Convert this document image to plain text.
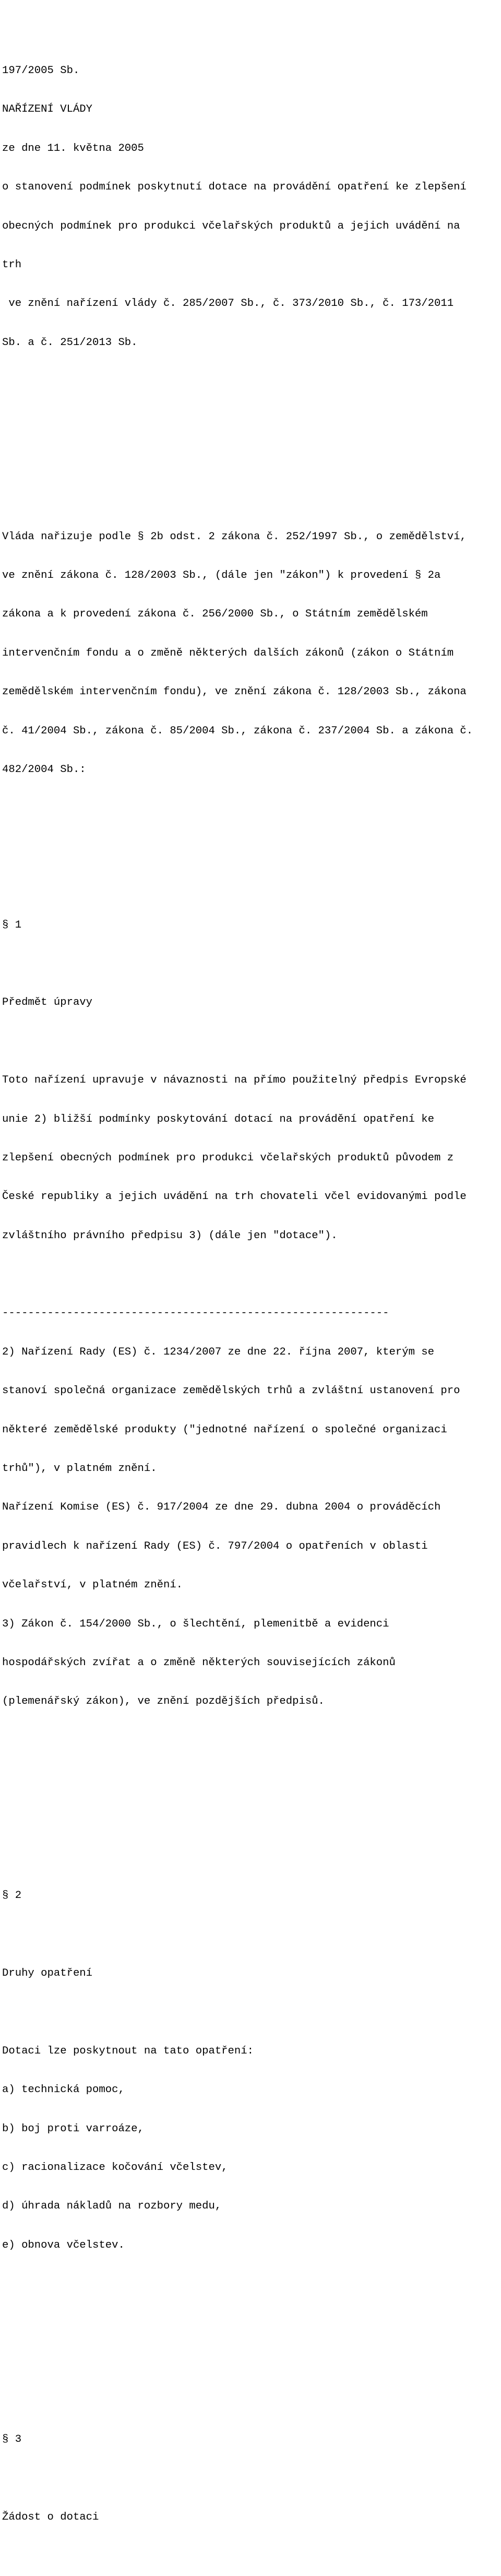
197/2005 Sb.

NAŘÍZENÍ VLÁDY

ze dne 11. května 2005

o stanovení podmínek poskytnutí dotace na provádění opatření ke zlepšení

obecných podmínek pro produkci včelařských produktů a jejich uvádění na

trh

ve znění nařízení vlády č. 285/2007 Sb., č. 373/2010 Sb., č. 173/2011

Sb. a č. 251/2013 Sb.

Vláda nařizuje podle § 2b odst. 2 zákona č. 252/1997 Sb., o zemědělství,

ve znění zákona č. 128/2003 Sb., (dále jen "zákon") k provedení § 2a

zákona a k provedení zákona č. 256/2000 Sb., o Státním zemědělském

intervenčním fondu a o změně některých dalších zákonů (zákon o Státním

zemědělském intervenčním fondu), ve znění zákona č. 128/2003 Sb., zákona

č. 41/2004 Sb., zákona č. 85/2004 Sb., zákona č. 237/2004 Sb. a zákona č.

482/2004 Sb.:

§ 1

Předmět úpravy

Toto nařízení upravuje v návaznosti na přímo použitelný předpis Evropské

unie 2) bližší podmínky poskytování dotací na provádění opatření ke

zlepšení obecných podmínek pro produkci včelařských produktů původem z

České republiky a jejich uvádění na trh chovateli včel evidovanými podle

zvláštního právního předpisu 3) (dále jen "dotace").

------------------------------------------------------------

2) Nařízení Rady (ES) č. 1234/2007 ze dne 22. října 2007, kterým se

stanoví společná organizace zemědělských trhů a zvláštní ustanovení pro

některé zemědělské produkty ("jednotné nařízení o společné organizaci

trhů"), v platném znění.

Nařízení Komise (ES) č. 917/2004 ze dne 29. dubna 2004 o prováděcích

pravidlech k nařízení Rady (ES) č. 797/2004 o opatřeních v oblasti

včelařství, v platném znění.

3) Zákon č. 154/2000 Sb., o šlechtění, plemenitbě a evidenci

hospodářských zvířat a o změně některých souvisejících zákonů

(plemenářský zákon), ve znění pozdějších předpisů.

§ 2

Druhy opatření

Dotaci lze poskytnout na tato opatření:

a) technická pomoc,

b) boj proti varroáze,

c) racionalizace kočování včelstev,

d) úhrada nákladů na rozbory medu,

e) obnova včelstev.

§ 3

Žádost o dotaci
